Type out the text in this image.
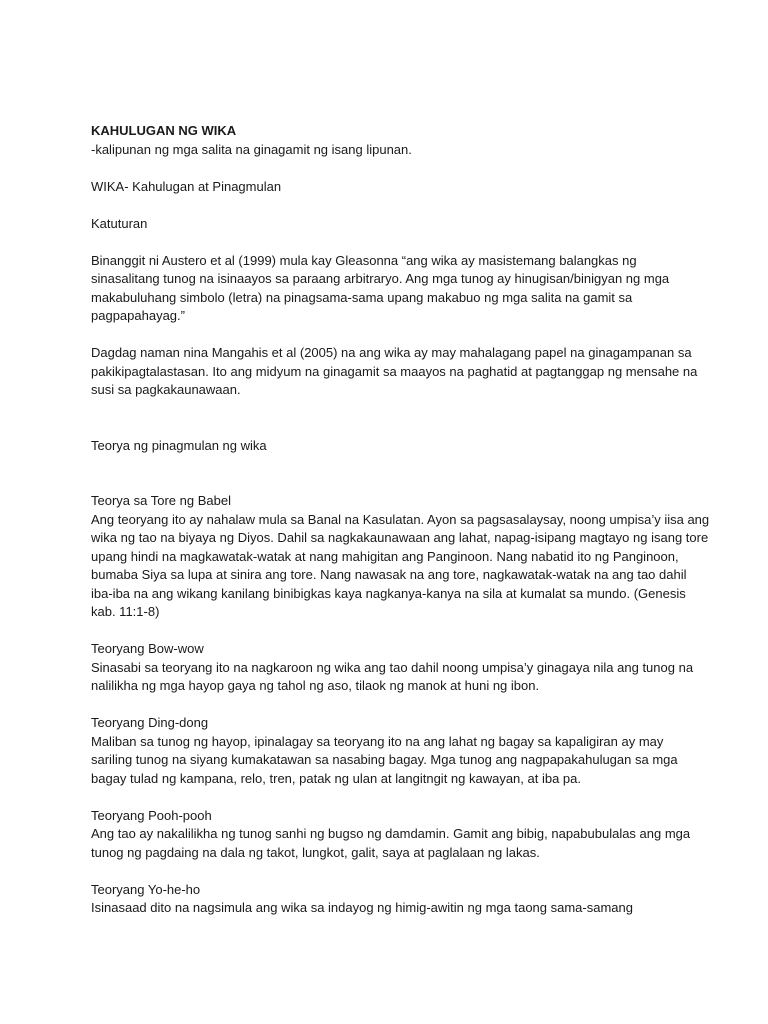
KAHULUGAN NG WIKA
-kalipunan ng mga salita na ginagamit ng isang lipunan.
WIKA- Kahulugan at Pinagmulan
Katuturan
Binanggit ni Austero et al (1999) mula kay Gleasonna “ang wika ay masistemang balangkas ng
sinasalitang tunog na isinaayos sa paraang arbitraryo. Ang mga tunog ay hinugisan/binigyan ng mga
makabuluhang simbolo (letra) na pinagsama-sama upang makabuo ng mga salita na gamit sa
pagpapahayag.”
Dagdag naman nina Mangahis et al (2005) na ang wika ay may mahalagang papel na ginagampanan sa
pakikipagtalastasan. Ito ang midyum na ginagamit sa maayos na paghatid at pagtanggap ng mensahe na
susi sa pagkakaunawaan.
Teorya ng pinagmulan ng wika
Teorya sa Tore ng Babel
Ang teoryang ito ay nahalaw mula sa Banal na Kasulatan. Ayon sa pagsasalaysay, noong umpisa’y iisa ang
wika ng tao na biyaya ng Diyos. Dahil sa nagkakaunawaan ang lahat, napag-isipang magtayo ng isang tore
upang hindi na magkawatak-watak at nang mahigitan ang Panginoon. Nang nabatid ito ng Panginoon,
bumaba Siya sa lupa at sinira ang tore. Nang nawasak na ang tore, nagkawatak-watak na ang tao dahil
iba-iba na ang wikang kanilang binibigkas kaya nagkanya-kanya na sila at kumalat sa mundo. (Genesis
kab. 11:1-8)
Teoryang Bow-wow
Sinasabi sa teoryang ito na nagkaroon ng wika ang tao dahil noong umpisa’y ginagaya nila ang tunog na
nalilikha ng mga hayop gaya ng tahol ng aso, tilaok ng manok at huni ng ibon.
Teoryang Ding-dong
Maliban sa tunog ng hayop, ipinalagay sa teoryang ito na ang lahat ng bagay sa kapaligiran ay may
sariling tunog na siyang kumakatawan sa nasabing bagay. Mga tunog ang nagpapakahulugan sa mga
bagay tulad ng kampana, relo, tren, patak ng ulan at langitngit ng kawayan, at iba pa.
Teoryang Pooh-pooh
Ang tao ay nakalilikha ng tunog sanhi ng bugso ng damdamin. Gamit ang bibig, napabubulalas ang mga
tunog ng pagdaing na dala ng takot, lungkot, galit, saya at paglalaan ng lakas.
Teoryang Yo-he-ho
Isinasaad dito na nagsimula ang wika sa indayog ng himig-awitin ng mga taong sama-samang
